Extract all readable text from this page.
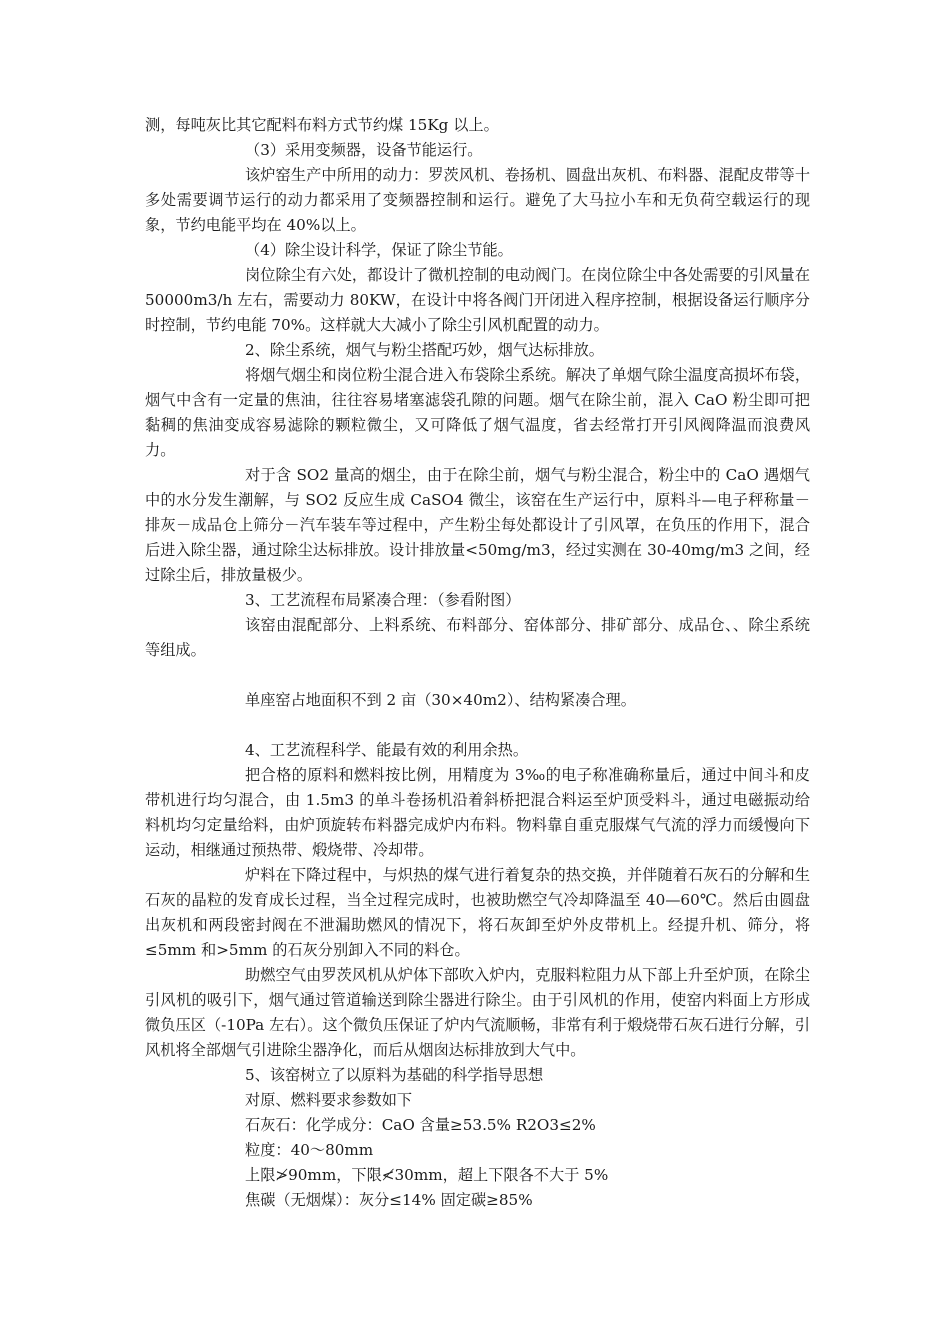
测，每吨灰比其它配料布料方式节约煤 15Kg 以上。

（3）采用变频器，设备节能运行。

该炉窑生产中所用的动力：罗茨风机、卷扬机、圆盘出灰机、布料器、混配皮带等十多处需要调节运行的动力都采用了变频器控制和运行。避免了大马拉小车和无负荷空载运行的现象，节约电能平均在 40%以上。

（4）除尘设计科学，保证了除尘节能。

岗位除尘有六处，都设计了微机控制的电动阀门。在岗位除尘中各处需要的引风量在 50000m3/h 左右，需要动力 80KW，在设计中将各阀门开闭进入程序控制，根据设备运行顺序分时控制，节约电能 70%。这样就大大减小了除尘引风机配置的动力。

2、除尘系统，烟气与粉尘搭配巧妙，烟气达标排放。

将烟气烟尘和岗位粉尘混合进入布袋除尘系统。解决了单烟气除尘温度高损坏布袋，烟气中含有一定量的焦油，往往容易堵塞滤袋孔隙的问题。烟气在除尘前，混入 CaO 粉尘即可把黏稠的焦油变成容易滤除的颗粒微尘，又可降低了烟气温度，省去经常打开引风阀降温而浪费风力。

对于含 SO2 量高的烟尘，由于在除尘前，烟气与粉尘混合，粉尘中的 CaO 遇烟气中的水分发生潮解，与 SO2 反应生成 CaSO4 微尘，该窑在生产运行中，原料斗—电子秤称量－排灰－成品仓上筛分－汽车装车等过程中，产生粉尘每处都设计了引风罩，在负压的作用下，混合后进入除尘器，通过除尘达标排放。设计排放量<50mg/m3，经过实测在 30-40mg/m3 之间，经过除尘后，排放量极少。

3、工艺流程布局紧凑合理：（参看附图）

该窑由混配部分、上料系统、布料部分、窑体部分、排矿部分、成品仓、、除尘系统等组成。

单座窑占地面积不到 2 亩（30×40m2）、结构紧凑合理。

4、工艺流程科学、能最有效的利用余热。

把合格的原料和燃料按比例，用精度为 3‰的电子称准确称量后，通过中间斗和皮带机进行均匀混合，由 1.5m3 的单斗卷扬机沿着斜桥把混合料运至炉顶受料斗，通过电磁振动给料机均匀定量给料，由炉顶旋转布料器完成炉内布料。物料靠自重克服煤气气流的浮力而缓慢向下运动，相继通过预热带、煅烧带、冷却带。

炉料在下降过程中，与炽热的煤气进行着复杂的热交换，并伴随着石灰石的分解和生石灰的晶粒的发育成长过程，当全过程完成时，也被助燃空气冷却降温至 40—60℃。然后由圆盘出灰机和两段密封阀在不泄漏助燃风的情况下，将石灰卸至炉外皮带机上。经提升机、筛分，将≤5mm 和>5mm 的石灰分别卸入不同的料仓。

助燃空气由罗茨风机从炉体下部吹入炉内，克服料粒阻力从下部上升至炉顶，在除尘引风机的吸引下，烟气通过管道输送到除尘器进行除尘。由于引风机的作用，使窑内料面上方形成微负压区（-10Pa 左右）。这个微负压保证了炉内气流顺畅，非常有利于煅烧带石灰石进行分解，引风机将全部烟气引进除尘器净化，而后从烟囱达标排放到大气中。

5、该窑树立了以原料为基础的科学指导思想

对原、燃料要求参数如下

石灰石：化学成分：CaO 含量≥53.5% R2O3≤2%

粒度：40～80mm

上限≯90mm，下限≮30mm，超上下限各不大于 5%

焦碳（无烟煤）：灰分≤14% 固定碳≥85%
